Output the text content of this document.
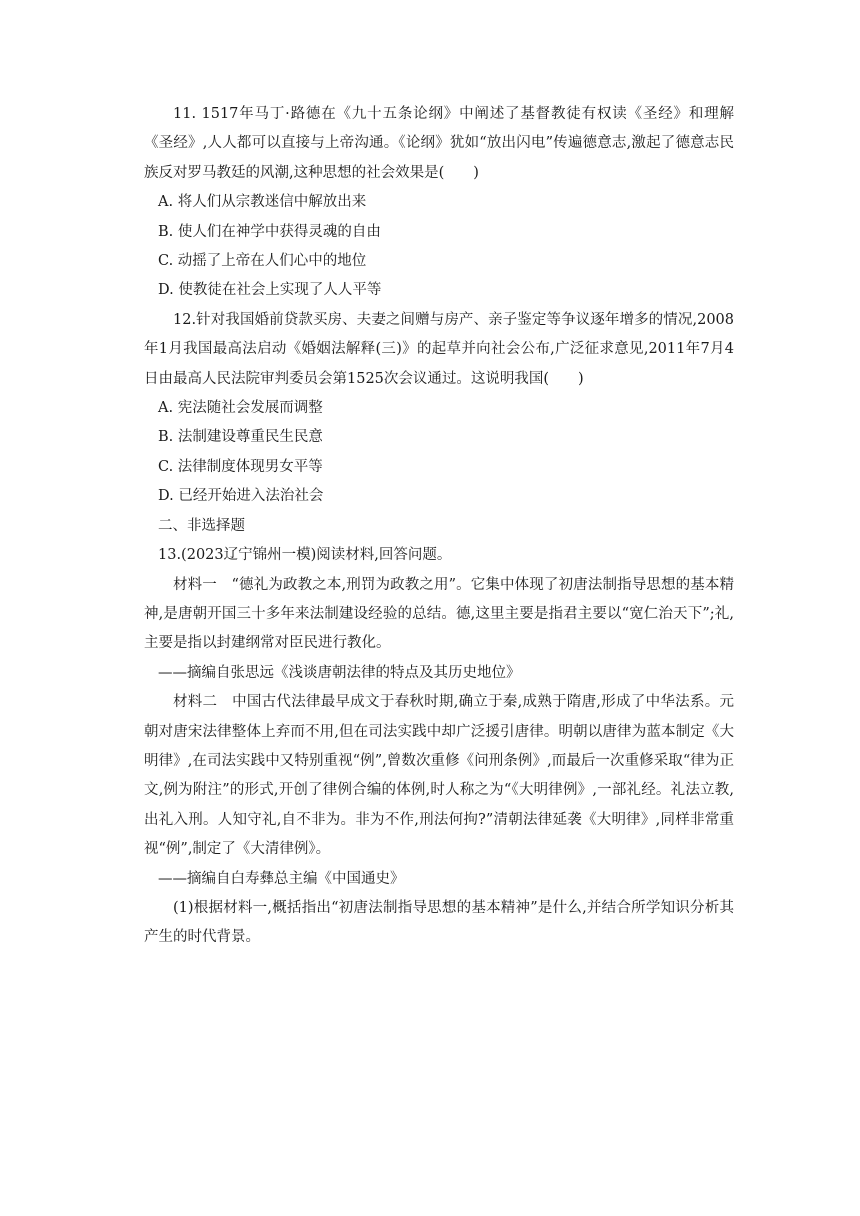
11. 1517年马丁·路德在《九十五条论纲》中阐述了基督教徒有权读《圣经》和理解《圣经》,人人都可以直接与上帝沟通。《论纲》犹如“放出闪电”传遍德意志,激起了德意志民族反对罗马教廷的风潮,这种思想的社会效果是(　　)

A. 将人们从宗教迷信中解放出来

B. 使人们在神学中获得灵魂的自由

C. 动摇了上帝在人们心中的地位

D. 使教徒在社会上实现了人人平等

12.针对我国婚前贷款买房、夫妻之间赠与房产、亲子鉴定等争议逐年增多的情况,2008年1月我国最高法启动《婚姻法解释(三)》的起草并向社会公布,广泛征求意见,2011年7月4日由最高人民法院审判委员会第1525次会议通过。这说明我国(　　)

A. 宪法随社会发展而调整

B. 法制建设尊重民生民意

C. 法律制度体现男女平等

D. 已经开始进入法治社会

二、非选择题

13.(2023辽宁锦州一模)阅读材料,回答问题。

材料一　“德礼为政教之本,刑罚为政教之用”。它集中体现了初唐法制指导思想的基本精神,是唐朝开国三十多年来法制建设经验的总结。德,这里主要是指君主要以“宽仁治天下”;礼,主要是指以封建纲常对臣民进行教化。

——摘编自张思远《浅谈唐朝法律的特点及其历史地位》

材料二　中国古代法律最早成文于春秋时期,确立于秦,成熟于隋唐,形成了中华法系。元朝对唐宋法律整体上弃而不用,但在司法实践中却广泛援引唐律。明朝以唐律为蓝本制定《大明律》,在司法实践中又特别重视“例”,曾数次重修《问刑条例》,而最后一次重修采取“律为正文,例为附注”的形式,开创了律例合编的体例,时人称之为“《大明律例》,一部礼经。礼法立教,出礼入刑。人知守礼,自不非为。非为不作,刑法何拘?”清朝法律延袭《大明律》,同样非常重视“例”,制定了《大清律例》。

——摘编自白寿彝总主编《中国通史》

(1)根据材料一,概括指出“初唐法制指导思想的基本精神”是什么,并结合所学知识分析其产生的时代背景。
